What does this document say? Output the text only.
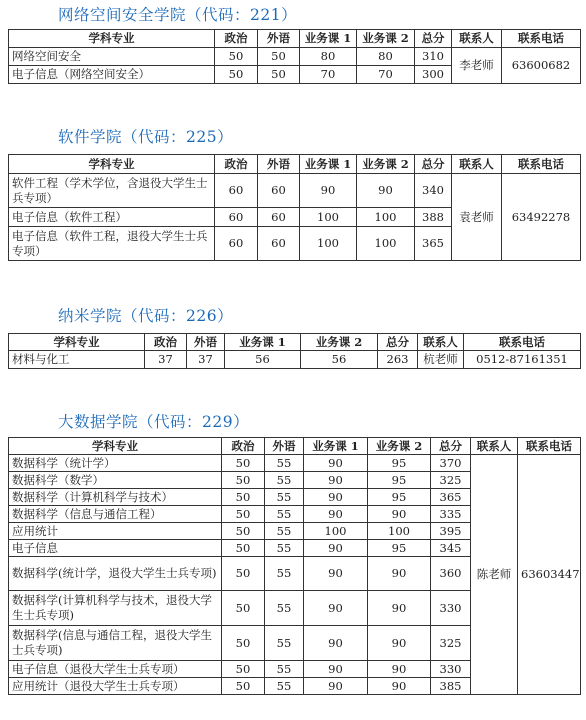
网络空间安全学院（代码：221）
学科专业	政治	外语	业务课 1	业务课 2	总分	联系人	联系电话
网络空间安全	50	50	80	80	310	李老师	63600682
电子信息（网络空间安全）	50	50	70	70	300		
软件学院（代码：225）
学科专业	政治	外语	业务课 1	业务课 2	总分	联系人	联系电话
软件工程（学术学位，含退役大学生士兵专项）	60	60	90	90	340	袁老师	63492278
电子信息（软件工程）	60	60	100	100	388		
电子信息（软件工程，退役大学生士兵专项）	60	60	100	100	365		
纳米学院（代码：226）
学科专业	政治	外语	业务课 1	业务课 2	总分	联系人	联系电话
材料与化工	37	37	56	56	263	杭老师	0512-87161351
大数据学院（代码：229）
学科专业	政治	外语	业务课 1	业务课 2	总分	联系人	联系电话
数据科学（统计学）	50	55	90	95	370	陈老师	63603447
数据科学（数学）	50	55	90	95	325		
数据科学（计算机科学与技术）	50	55	90	95	365		
数据科学（信息与通信工程）	50	55	90	90	335		
应用统计	50	55	100	100	395		
电子信息	50	55	90	95	345		
数据科学(统计学，退役大学生士兵专项)	50	55	90	90	360		
数据科学(计算机科学与技术，退役大学生士兵专项)	50	55	90	90	330		
数据科学(信息与通信工程，退役大学生士兵专项)	50	55	90	90	325		
电子信息（退役大学生士兵专项）	50	55	90	90	330		
应用统计（退役大学生士兵专项）	50	55	90	90	385		
